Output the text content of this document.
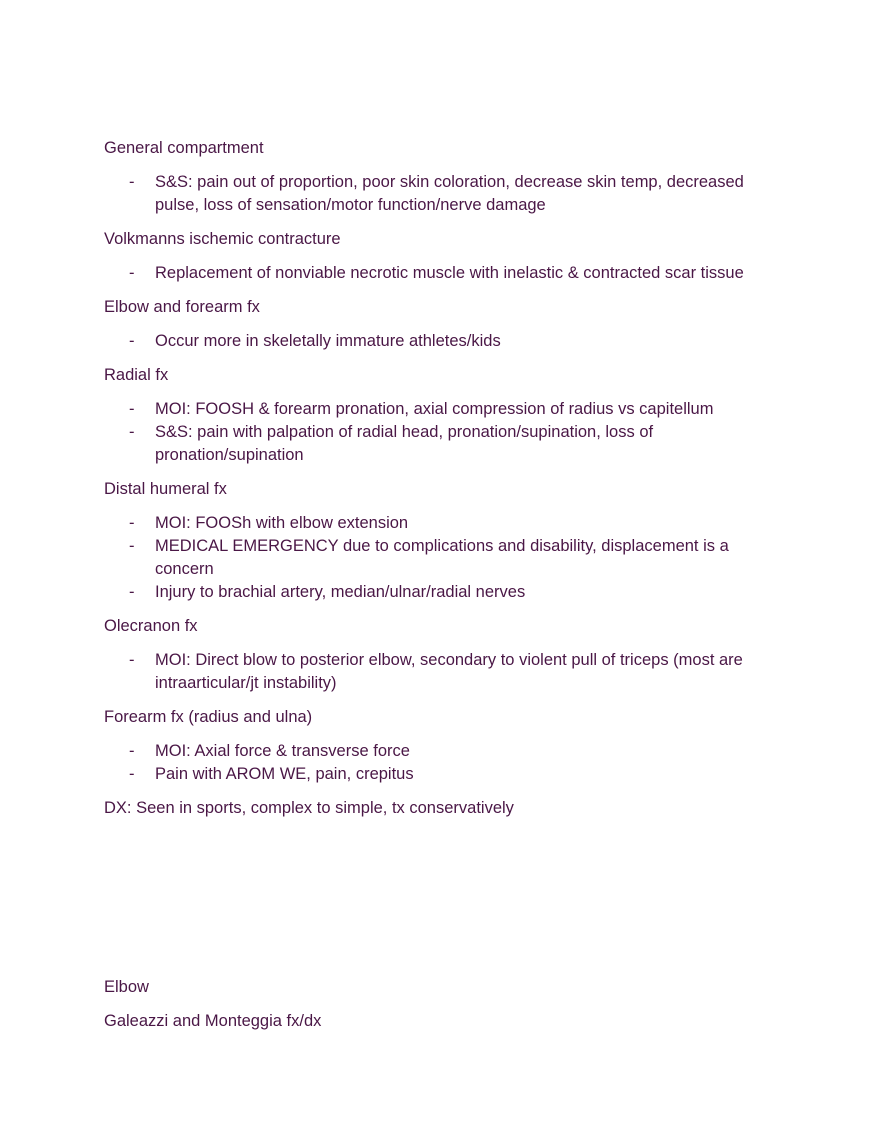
General compartment

- S&S: pain out of proportion, poor skin coloration, decrease skin temp, decreased pulse, loss of sensation/motor function/nerve damage

Volkmanns ischemic contracture

- Replacement of nonviable necrotic muscle with inelastic & contracted scar tissue

Elbow and forearm fx

- Occur more in skeletally immature athletes/kids

Radial fx

- MOI: FOOSH & forearm pronation, axial compression of radius vs capitellum
- S&S: pain with palpation of radial head, pronation/supination, loss of pronation/supination

Distal humeral fx

- MOI: FOOSh with elbow extension
- MEDICAL EMERGENCY due to complications and disability, displacement is a concern
- Injury to brachial artery, median/ulnar/radial nerves

Olecranon fx

- MOI: Direct blow to posterior elbow, secondary to violent pull of triceps (most are intraarticular/jt instability)

Forearm fx (radius and ulna)

- MOI: Axial force & transverse force
- Pain with AROM WE, pain, crepitus

DX: Seen in sports, complex to simple, tx conservatively

Elbow

Galeazzi and Monteggia fx/dx
